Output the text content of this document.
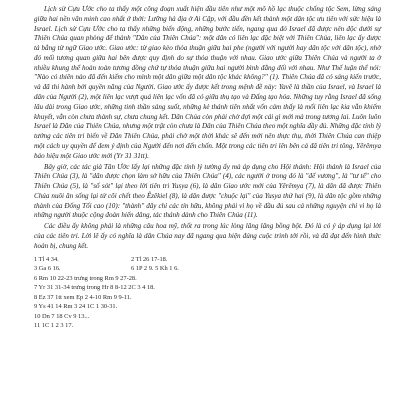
Lịch sử Cựu Ước cho ta thấy một công đoạn xuất hiện đầu tiên như một mô hồ lạc thuộc chống tộc Sem, lừng sáng giữa hai nền văn minh cao nhất ở thời: Lưỡng hà địa ở Ai Cập, với đầu đền kết thành một dân tộc ưu tiên với sức hiệu là Israel. Lịch sử Cựu Ước cho ta thấy những biến động, những bước tiến, ngang qua đó Israel đã được nên độc dưới sự Thiên Chúa quan phòng để thành "Dân của Thiên Chúa": một dân có liên lạc đặc biệt với Thiên Chúa, liên lạc ấy được tả bằng từ ngữ Giao ước. Giao ước: từ giao kèo thỏa thuận giữa hai phe (người với người hay dân tộc với dân tộc), nhờ đó mối tương quan giữa hai bên được quy định do sự thỏa thuận với nhau. Giao ước giữa Thiên Chúa và người ta ở nhiều khung thể hoàn toàn tương đồng chứ tự thỏa thuận giữa hai người bình đẳng đối với nhau. Như Thế luận thể nói: "Nào có thiên nào đã đến kiếm cho mình một dân giữa một dân tộc khác không?" (1). Thiên Chúa đã có sáng kiến trước, và đã thi hành bởi quyền năng của Người. Giao ước ấy được kết trong mệnh đề này: Yavê là thần của Israel, và Israel là dân của Người (2), một liên lạc vượt quá liên lạc vốn đã có giữa thụ tạo và Đấng tạo hóa. Những tuy rằng Israel đã sống lâu dài trong Giao ước, những tinh thần sáng suốt, những kẻ thánh tiên nhất vốn cảm thấy là mối liên lạc kia vẫn khiếm khuyết, vẫn còn chưa thành sự, chưa chung kết. Dân Chúa còn phải chờ đợi một cái gì mới mà trong tương lai. Luôn luôn Israel là Dân của Thiên Chúa, nhưng một trật còn chưa là Dân của Thiên Chúa theo một nghĩa đầy đủ. Những đặc tính lý tưởng các tiên tri biến về Dân Thiên Chúa, phải chờ một thời khác sẽ đến mới nên thực thụ, thời Thiên Chúa can thiệp một cách uy quyền để đem ý định của Người đến nơi đến chốn. Một trong các tiên tri lên bên cả đã tiên tri tông, Yêrêmya báo hiệu một Giao ước mới (Yr 31 31tt).

Bây giờ, các tác giả Tân Ước lấy lại những đặc tính lý tưởng ấy mà áp dụng cho Hội thánh: Hội thánh là Israel của Thiên Chúa (3), là "dân được chọn làm sở hữu của Thiên Chúa" (4), các người ở trong đó là "để vương", là "tư tế" cho Thiên Chúa (5), là "số sót" lại theo lời tiên tri Yusya (6), là dân Giao ước mới của Yêrêmya (7), là dân đã được Thiên Chúa nuôi ăn sống lại từ cõi chết theo Êzêkiel (8), là dân được "chuộc lại" của Yusya thứ hai (9), là dân tộc gồm những thành của Đống Tối cao (10): "thành" đây chỉ các tín hữu, không phải vì họ về đầu đủ sau cả những nguyện chỉ vì họ là những người thuộc cộng đoàn hiến dâng, tác thánh dành cho Thiên Chúa (11).

Các điều ấy không phải là những câu hoa mỹ, thốt ra trong lúc lòng lâng lâng bồng bột. Đó là có ý áp dụng lại lời của các tiên tri. Lời lẽ ấy có nghĩa là dân Chúa nay đã ngang qua hiện đúng cuộc trình tới rồi, và đã đạt đến hình thức hoàn bị, chung kết.

1 Tl 4 34.	2 Tl 26 17-18.
3 Ga 6 16.	6 1P 2 9. 5 Kh 1 6.
6 Rm 10 22-23 trưng trong Rm 9 27-28.
7 Yr 31 31-34 trưng trong Hr 8 8-12 2C 3 4 18.
8 Ez 37 1tt xem Ep 2 4-10 Rm 9 9-11.
9 Ys 41 14 Rm 3 24 1C 1 30-31.
10 Dn 7 18 Cv 9 13...
11 1C 1 2 3 17.
